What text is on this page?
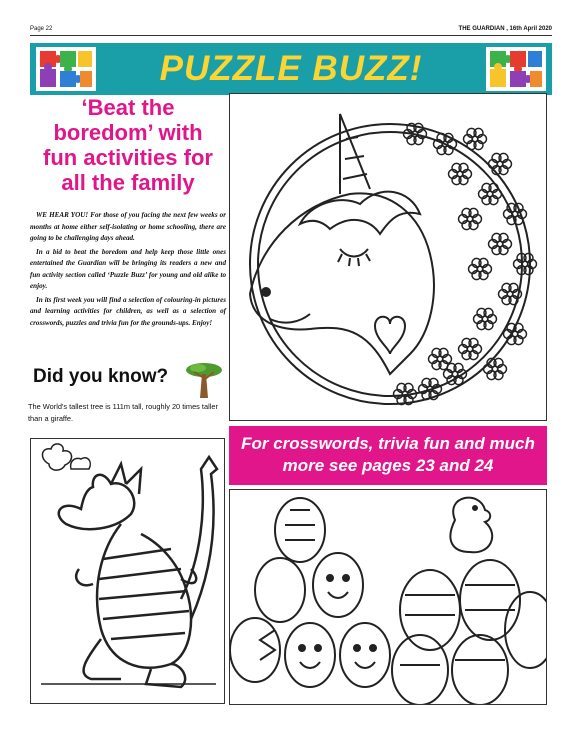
Page 22	THE GUARDIAN , 16th April 2020
PUZZLE BUZZ!
‘Beat the
boredom’ with
fun activities for
all the family

WE HEAR YOU! For those of you facing the next few weeks or months at home either self-isolating or home schooling, there are going to be challenging days ahead.

In a bid to beat the boredom and help keep those little ones entertained the Guardian will be bringing its readers a new and fun activity section called ‘Puzzle Buzz’ for young and old alike to enjoy.

In its first week you will find a selection of colouring-in pictures and learning activities for children, as well as a selection of crosswords, puzzles and trivia fun for the grounds-ups. Enjoy!

Did you know?
The World's tallest tree is 111m tall, roughly 20 times taller than a giraffe.
For crosswords, trivia fun and much
more see pages 23 and 24
